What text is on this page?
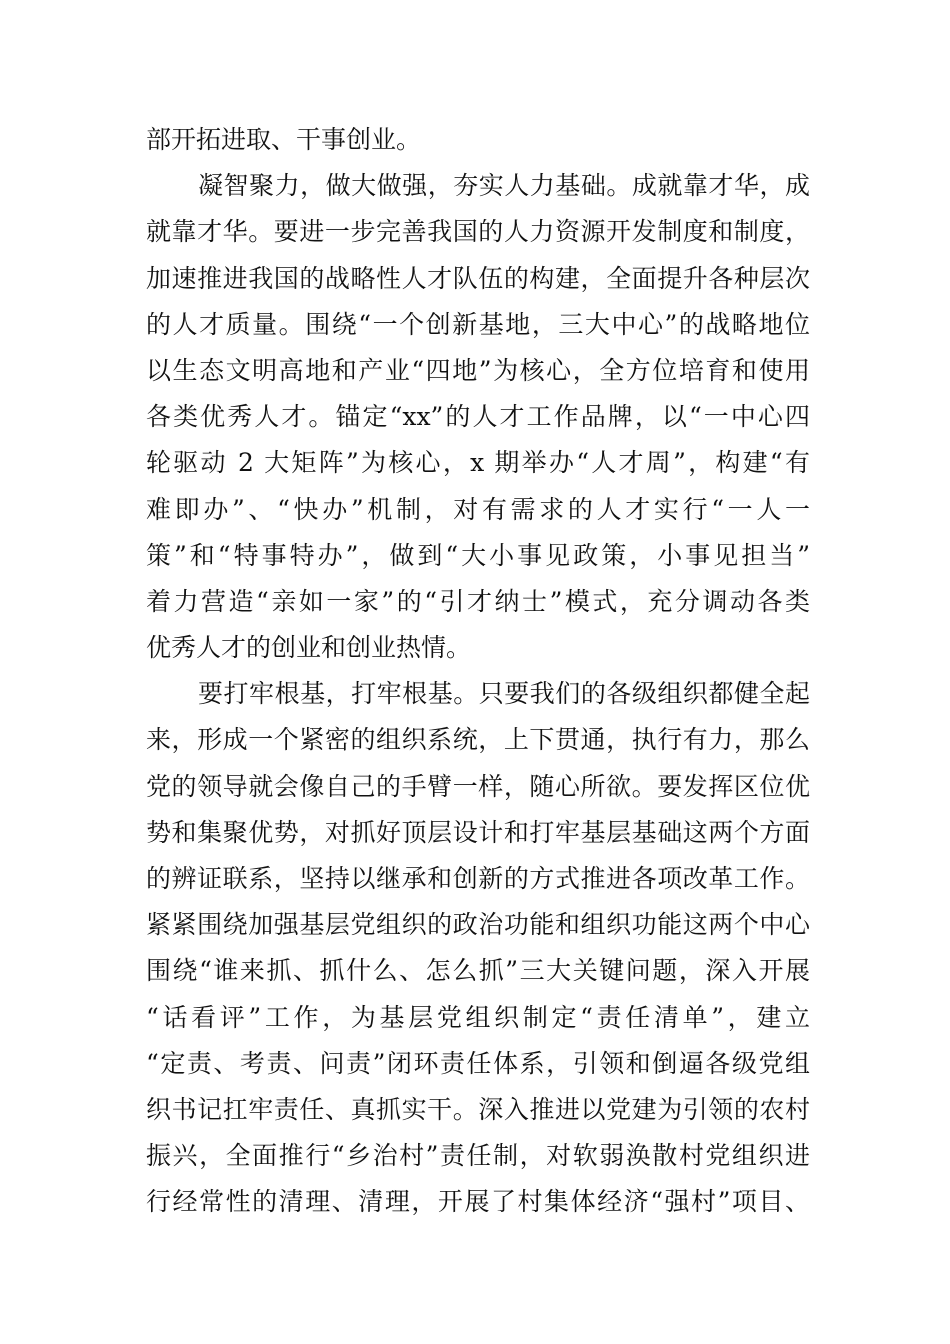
部开拓进取、干事创业。
凝智聚力，做大做强，夯实人力基础。成就靠才华，成
就靠才华。要进一步完善我国的人力资源开发制度和制度，
加速推进我国的战略性人才队伍的构建，全面提升各种层次
的人才质量。围绕“一个创新基地，三大中心”的战略地位
以生态文明高地和产业“四地”为核心，全方位培育和使用
各类优秀人才。锚定“xx”的人才工作品牌，以“一中心四
轮驱动 2 大矩阵”为核心，x 期举办“人才周”，构建“有
难即办”、“快办”机制，对有需求的人才实行“一人一
策”和“特事特办”，做到“大小事见政策，小事见担当”
着力营造“亲如一家”的“引才纳士”模式，充分调动各类
优秀人才的创业和创业热情。
要打牢根基，打牢根基。只要我们的各级组织都健全起
来，形成一个紧密的组织系统，上下贯通，执行有力，那么
党的领导就会像自己的手臂一样，随心所欲。要发挥区位优
势和集聚优势，对抓好顶层设计和打牢基层基础这两个方面
的辨证联系，坚持以继承和创新的方式推进各项改革工作。
紧紧围绕加强基层党组织的政治功能和组织功能这两个中心
围绕“谁来抓、抓什么、怎么抓”三大关键问题，深入开展
“话看评”工作，为基层党组织制定“责任清单”，建立
“定责、考责、问责”闭环责任体系，引领和倒逼各级党组
织书记扛牢责任、真抓实干。深入推进以党建为引领的农村
振兴，全面推行“乡治村”责任制，对软弱涣散村党组织进
行经常性的清理、清理，开展了村集体经济“强村”项目、
